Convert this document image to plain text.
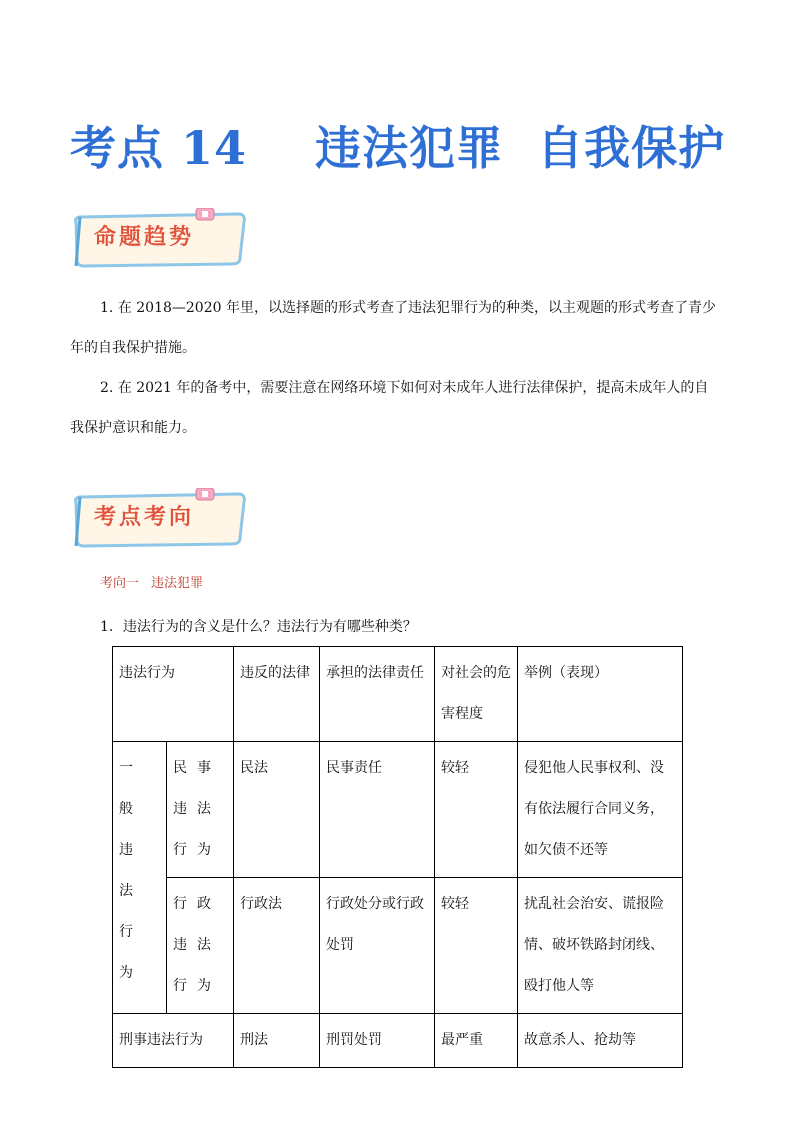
考点 14    违法犯罪  自我保护
命题趋势

1. 在 2018—2020 年里，以选择题的形式考查了违法犯罪行为的种类，以主观题的形式考查了青少年的自我保护措施。

2. 在 2021 年的备考中，需要注意在网络环境下如何对未成年人进行法律保护，提高未成年人的自我保护意识和能力。

考点考向

考向一 违法犯罪

1．违法行为的含义是什么？违法行为有哪些种类？

违法行为		违反的法律	承担的法律责任	对社会的危害程度	举例（表现）
一般违法行为	民事违法行为	民法	民事责任	较轻	侵犯他人民事权利、没有依法履行合同义务，如欠债不还等
	行政违法行为	行政法	行政处分或行政处罚	较轻	扰乱社会治安、谎报险情、破坏铁路封闭线、殴打他人等
刑事违法行为		刑法	刑罚处罚	最严重	故意杀人、抢劫等
